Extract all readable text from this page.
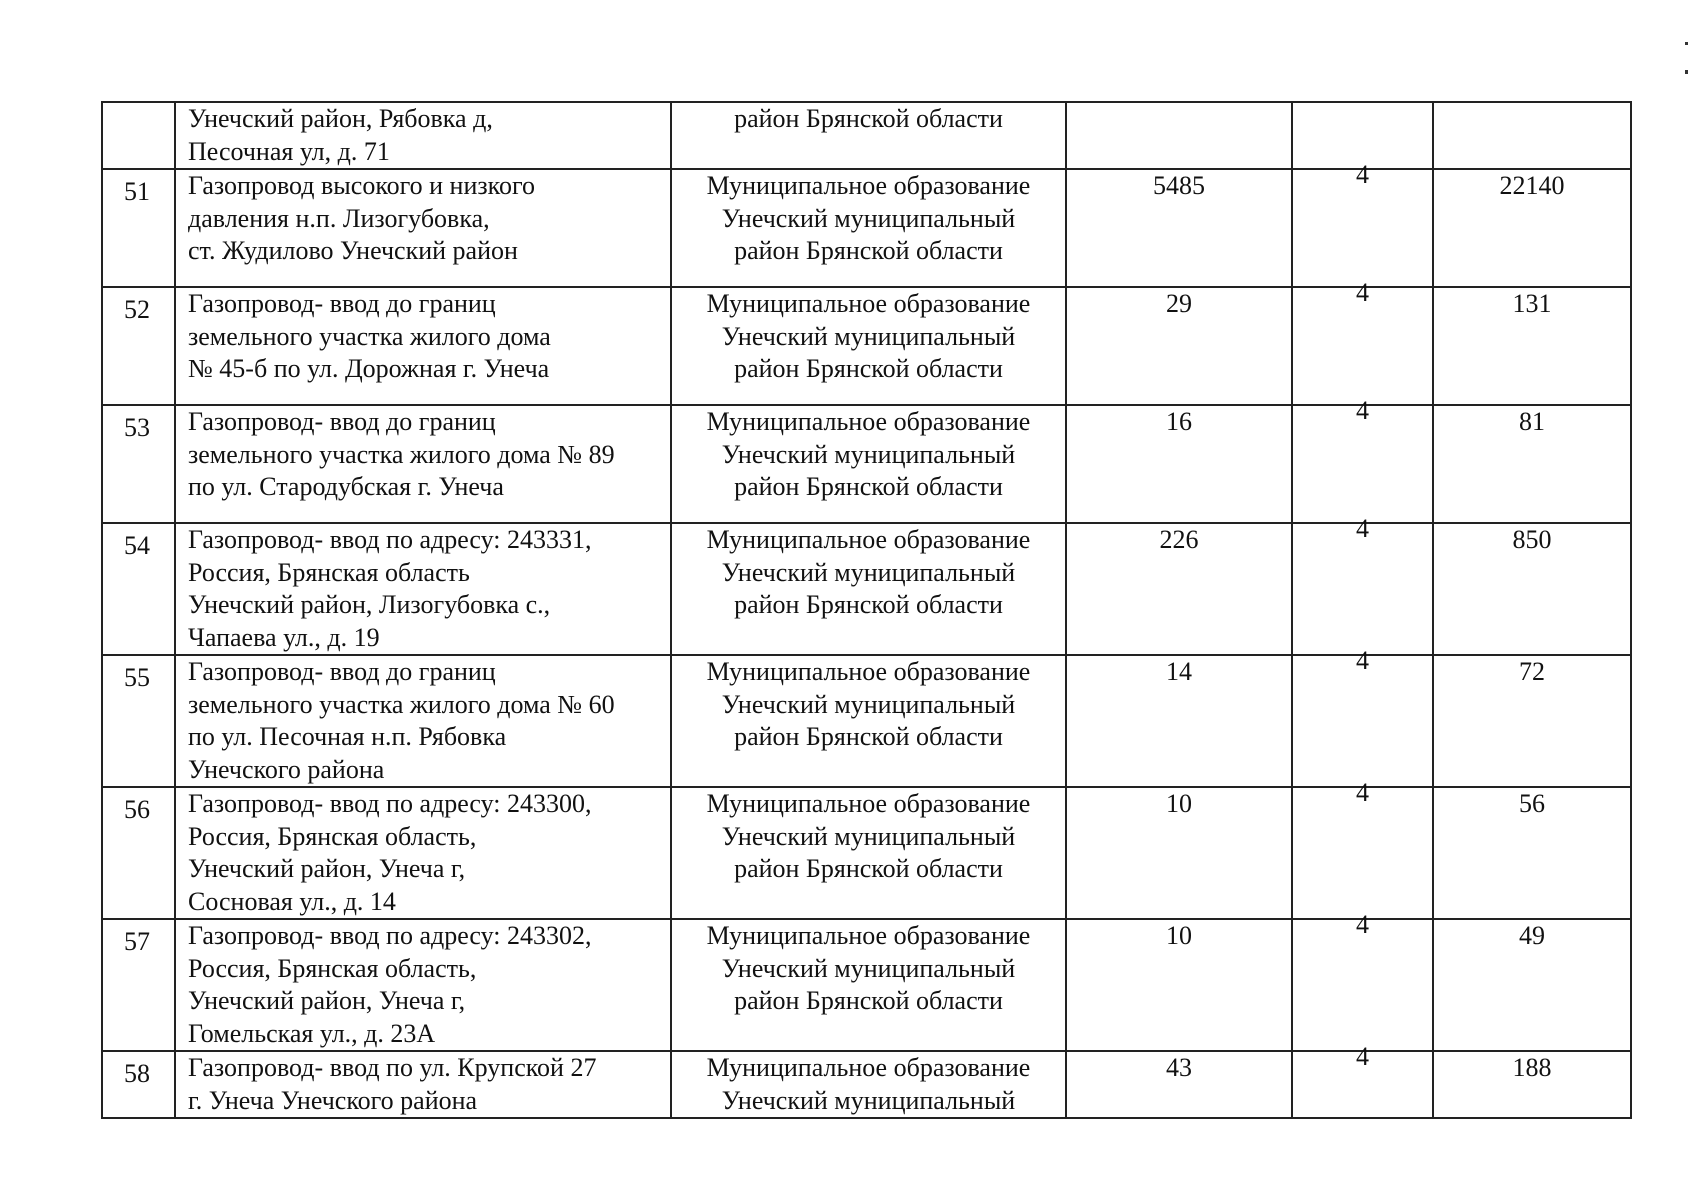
	Унечский район, Рябовка д,
Песочная ул, д. 71	район Брянской области			

51	Газопровод высокого и низкого
давления н.п. Лизогубовка,
ст. Жудилово Унечский район	Муниципальное образование
Унечский муниципальный
район Брянской области	5485	4	22140

52	Газопровод- ввод до границ
земельного участка жилого дома
№ 45-б по ул. Дорожная г. Унеча	Муниципальное образование
Унечский муниципальный
район Брянской области	29	4	131

53	Газопровод- ввод до границ
земельного участка жилого дома № 89
по ул. Стародубская г. Унеча	Муниципальное образование
Унечский муниципальный
район Брянской области	16	4	81

54	Газопровод- ввод по адресу: 243331,
Россия, Брянская область
Унечский район, Лизогубовка с.,
Чапаева ул., д. 19	Муниципальное образование
Унечский муниципальный
район Брянской области	226	4	850

55	Газопровод- ввод до границ
земельного участка жилого дома № 60
по ул. Песочная н.п. Рябовка
Унечского района	Муниципальное образование
Унечский муниципальный
район Брянской области	14	4	72

56	Газопровод- ввод по адресу: 243300,
Россия, Брянская область,
Унечский район, Унеча г,
Сосновая ул., д. 14	Муниципальное образование
Унечский муниципальный
район Брянской области	10	4	56

57	Газопровод- ввод по адресу: 243302,
Россия, Брянская область,
Унечский район, Унеча г,
Гомельская ул., д. 23А	Муниципальное образование
Унечский муниципальный
район Брянской области	10	4	49

58	Газопровод- ввод по ул. Крупской 27
г. Унеча Унечского района	Муниципальное образование
Унечский муниципальный	43	4	188
